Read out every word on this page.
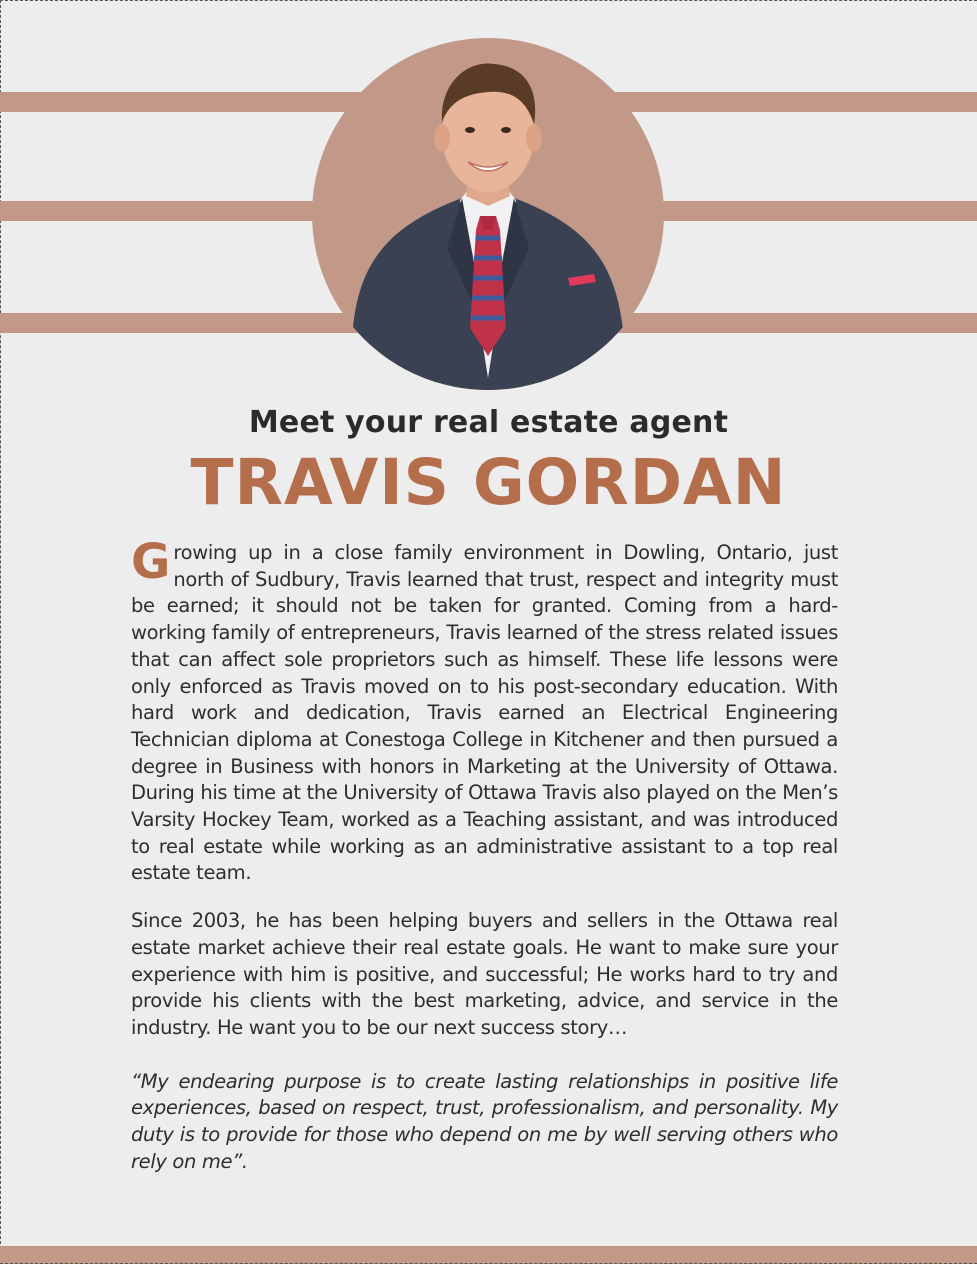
Meet your real estate agent
TRAVIS GORDAN

Growing up in a close family environment in Dowling, Ontario, just north of Sudbury, Travis learned that trust, respect and integrity must be earned; it should not be taken for granted. Coming from a hard-working family of entrepreneurs, Travis learned of the stress related issues that can affect sole proprietors such as himself. These life lessons were only enforced as Travis moved on to his post-secondary education. With hard work and dedication, Travis earned an Electrical Engineering Technician diploma at Conestoga College in Kitchener and then pursued a degree in Business with honors in Marketing at the University of Ottawa. During his time at the University of Ottawa Travis also played on the Men’s Varsity Hockey Team, worked as a Teaching assistant, and was introduced to real estate while working as an administrative assistant to a top real estate team.

Since 2003, he has been helping buyers and sellers in the Ottawa real estate market achieve their real estate goals. He want to make sure your experience with him is positive, and successful; He works hard to try and provide his clients with the best marketing, advice, and service in the industry. He want you to be our next success story…

“My endearing purpose is to create lasting relationships in positive life experiences, based on respect, trust, professionalism, and personality. My duty is to provide for those who depend on me by well serving others who rely on me”.
